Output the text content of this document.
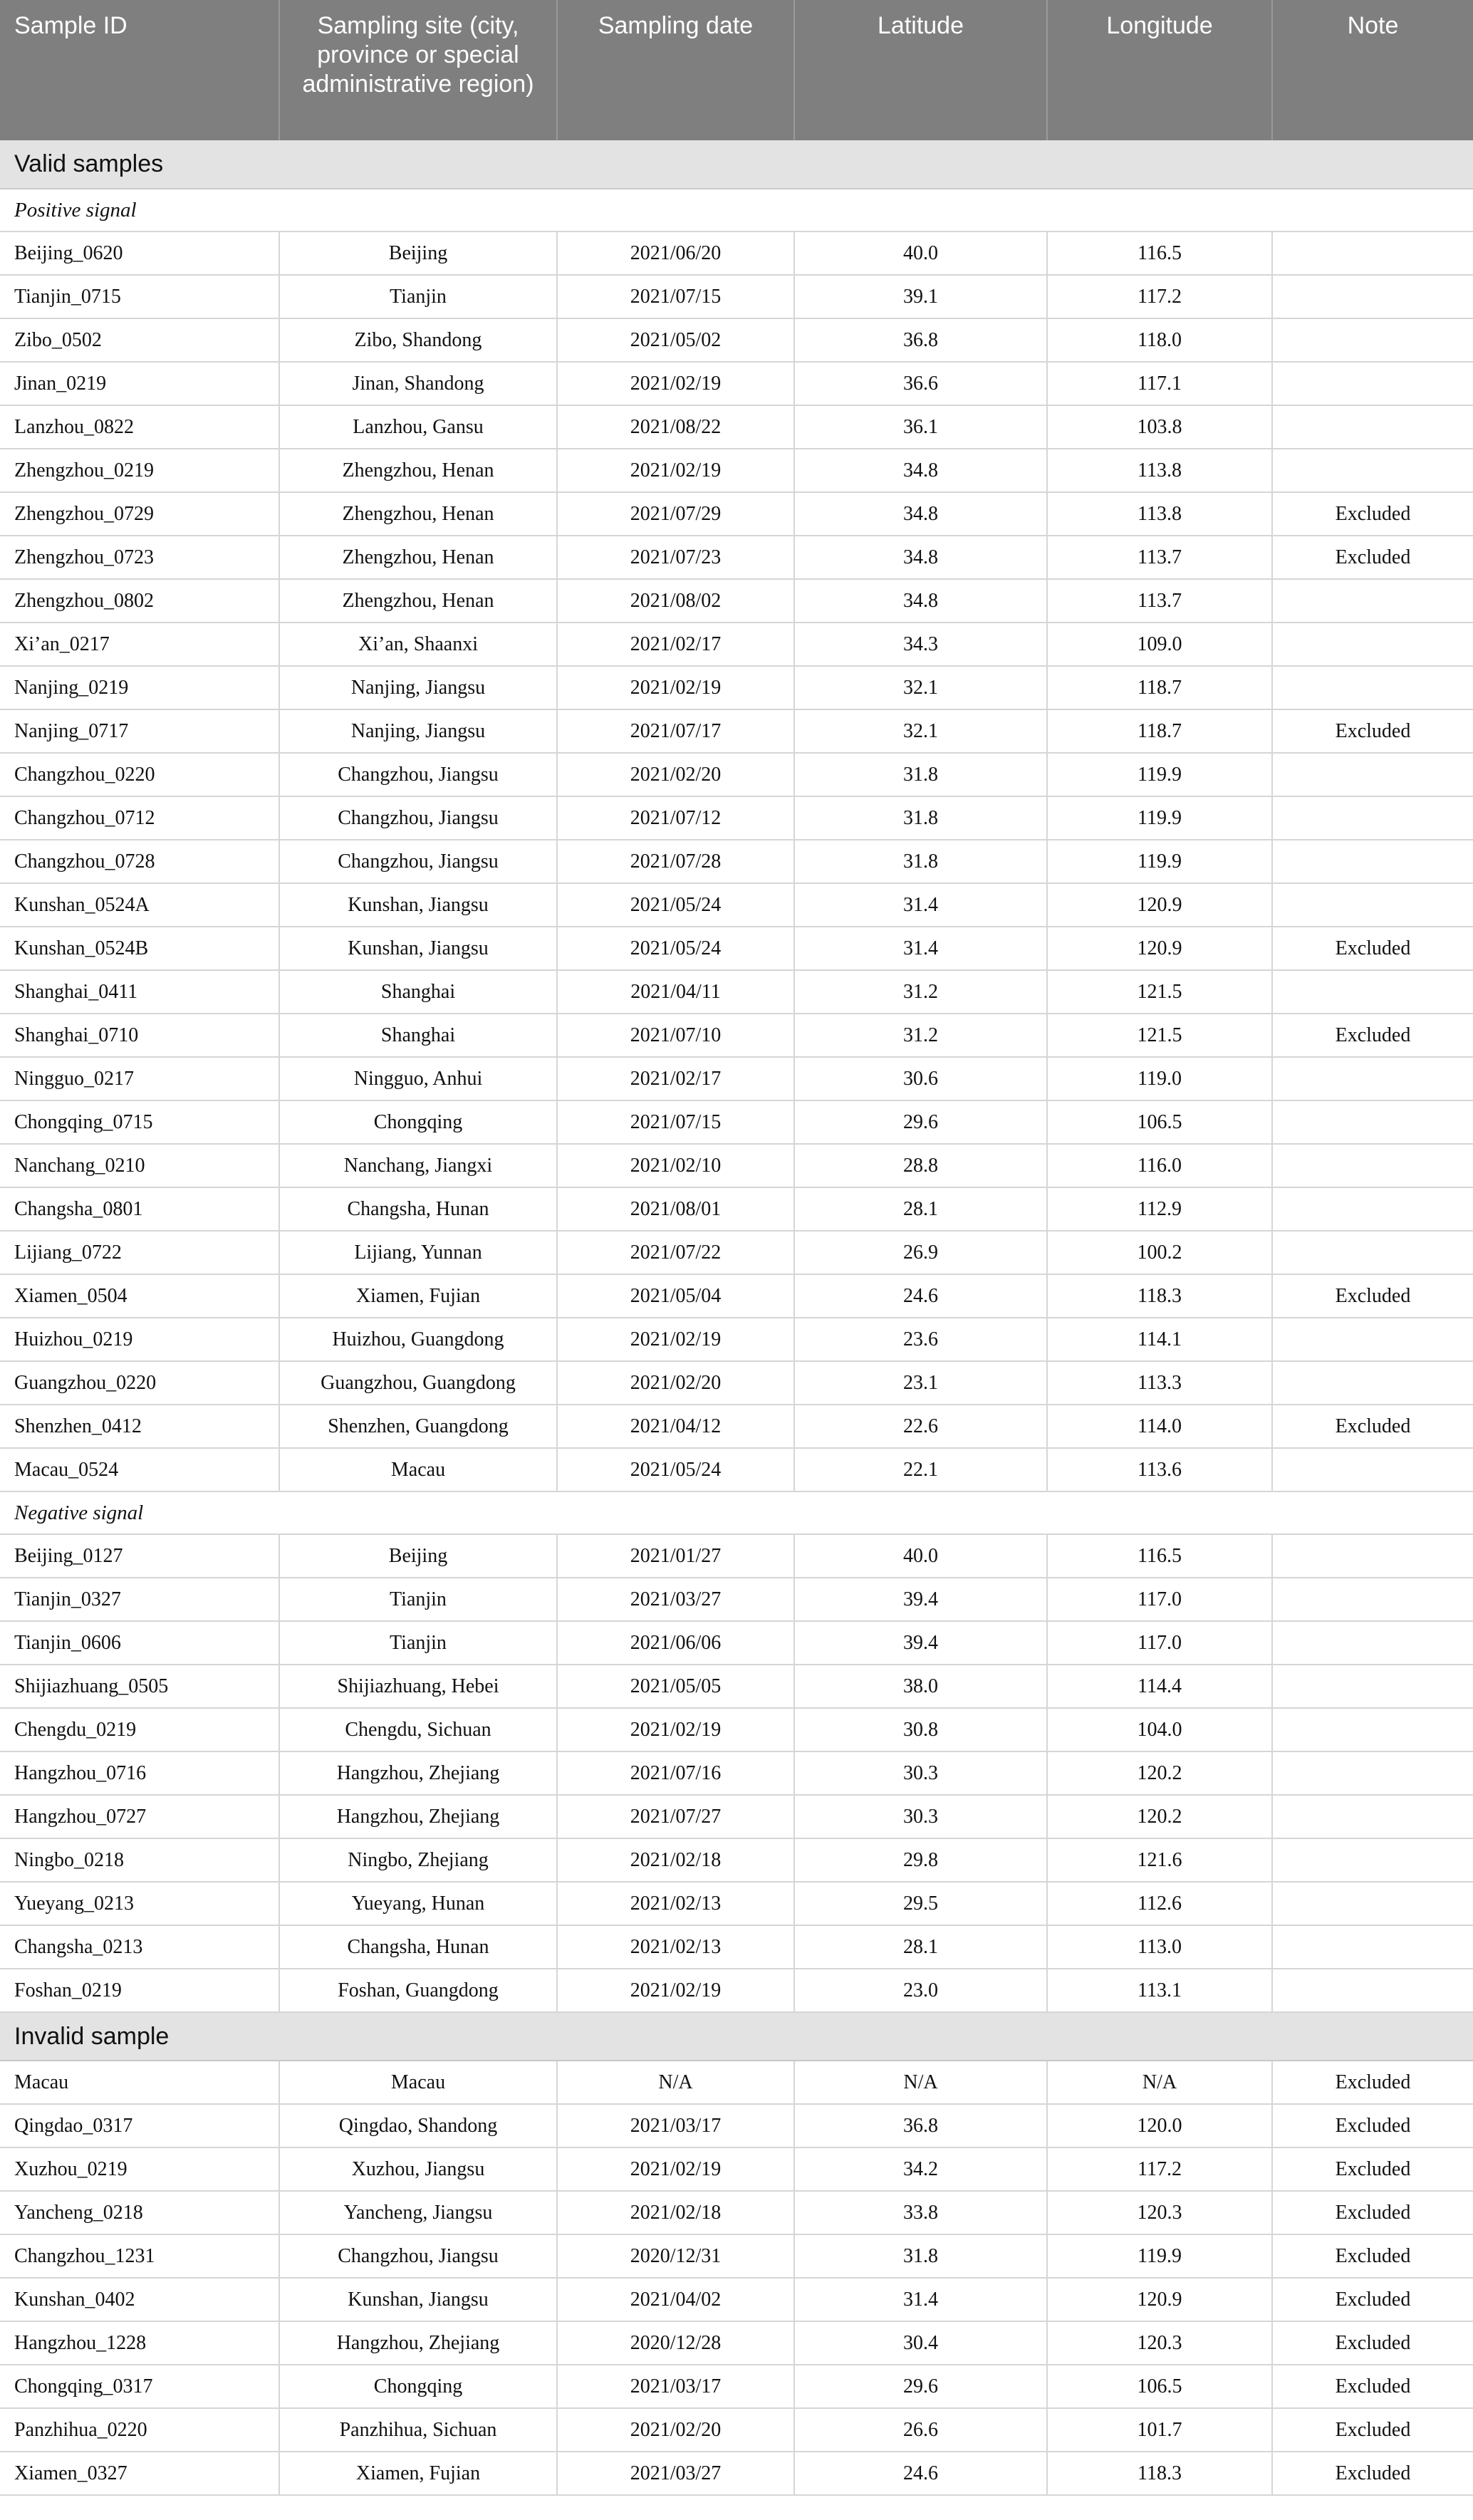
Sample ID	Sampling site (city, province or special administrative region)	Sampling date	Latitude	Longitude	Note
Valid samples					
Positive signal					
Beijing_0620	Beijing	2021/06/20	40.0	116.5	
Tianjin_0715	Tianjin	2021/07/15	39.1	117.2	
Zibo_0502	Zibo, Shandong	2021/05/02	36.8	118.0	
Jinan_0219	Jinan, Shandong	2021/02/19	36.6	117.1	
Lanzhou_0822	Lanzhou, Gansu	2021/08/22	36.1	103.8	
Zhengzhou_0219	Zhengzhou, Henan	2021/02/19	34.8	113.8	
Zhengzhou_0729	Zhengzhou, Henan	2021/07/29	34.8	113.8	Excluded
Zhengzhou_0723	Zhengzhou, Henan	2021/07/23	34.8	113.7	Excluded
Zhengzhou_0802	Zhengzhou, Henan	2021/08/02	34.8	113.7	
Xi’an_0217	Xi’an, Shaanxi	2021/02/17	34.3	109.0	
Nanjing_0219	Nanjing, Jiangsu	2021/02/19	32.1	118.7	
Nanjing_0717	Nanjing, Jiangsu	2021/07/17	32.1	118.7	Excluded
Changzhou_0220	Changzhou, Jiangsu	2021/02/20	31.8	119.9	
Changzhou_0712	Changzhou, Jiangsu	2021/07/12	31.8	119.9	
Changzhou_0728	Changzhou, Jiangsu	2021/07/28	31.8	119.9	
Kunshan_0524A	Kunshan, Jiangsu	2021/05/24	31.4	120.9	
Kunshan_0524B	Kunshan, Jiangsu	2021/05/24	31.4	120.9	Excluded
Shanghai_0411	Shanghai	2021/04/11	31.2	121.5	
Shanghai_0710	Shanghai	2021/07/10	31.2	121.5	Excluded
Ningguo_0217	Ningguo, Anhui	2021/02/17	30.6	119.0	
Chongqing_0715	Chongqing	2021/07/15	29.6	106.5	
Nanchang_0210	Nanchang, Jiangxi	2021/02/10	28.8	116.0	
Changsha_0801	Changsha, Hunan	2021/08/01	28.1	112.9	
Lijiang_0722	Lijiang, Yunnan	2021/07/22	26.9	100.2	
Xiamen_0504	Xiamen, Fujian	2021/05/04	24.6	118.3	Excluded
Huizhou_0219	Huizhou, Guangdong	2021/02/19	23.6	114.1	
Guangzhou_0220	Guangzhou, Guangdong	2021/02/20	23.1	113.3	
Shenzhen_0412	Shenzhen, Guangdong	2021/04/12	22.6	114.0	Excluded
Macau_0524	Macau	2021/05/24	22.1	113.6	
Negative signal					
Beijing_0127	Beijing	2021/01/27	40.0	116.5	
Tianjin_0327	Tianjin	2021/03/27	39.4	117.0	
Tianjin_0606	Tianjin	2021/06/06	39.4	117.0	
Shijiazhuang_0505	Shijiazhuang, Hebei	2021/05/05	38.0	114.4	
Chengdu_0219	Chengdu, Sichuan	2021/02/19	30.8	104.0	
Hangzhou_0716	Hangzhou, Zhejiang	2021/07/16	30.3	120.2	
Hangzhou_0727	Hangzhou, Zhejiang	2021/07/27	30.3	120.2	
Ningbo_0218	Ningbo, Zhejiang	2021/02/18	29.8	121.6	
Yueyang_0213	Yueyang, Hunan	2021/02/13	29.5	112.6	
Changsha_0213	Changsha, Hunan	2021/02/13	28.1	113.0	
Foshan_0219	Foshan, Guangdong	2021/02/19	23.0	113.1	
Invalid sample					
Macau	Macau	N/A	N/A	N/A	Excluded
Qingdao_0317	Qingdao, Shandong	2021/03/17	36.8	120.0	Excluded
Xuzhou_0219	Xuzhou, Jiangsu	2021/02/19	34.2	117.2	Excluded
Yancheng_0218	Yancheng, Jiangsu	2021/02/18	33.8	120.3	Excluded
Changzhou_1231	Changzhou, Jiangsu	2020/12/31	31.8	119.9	Excluded
Kunshan_0402	Kunshan, Jiangsu	2021/04/02	31.4	120.9	Excluded
Hangzhou_1228	Hangzhou, Zhejiang	2020/12/28	30.4	120.3	Excluded
Chongqing_0317	Chongqing	2021/03/17	29.6	106.5	Excluded
Panzhihua_0220	Panzhihua, Sichuan	2021/02/20	26.6	101.7	Excluded
Xiamen_0327	Xiamen, Fujian	2021/03/27	24.6	118.3	Excluded
